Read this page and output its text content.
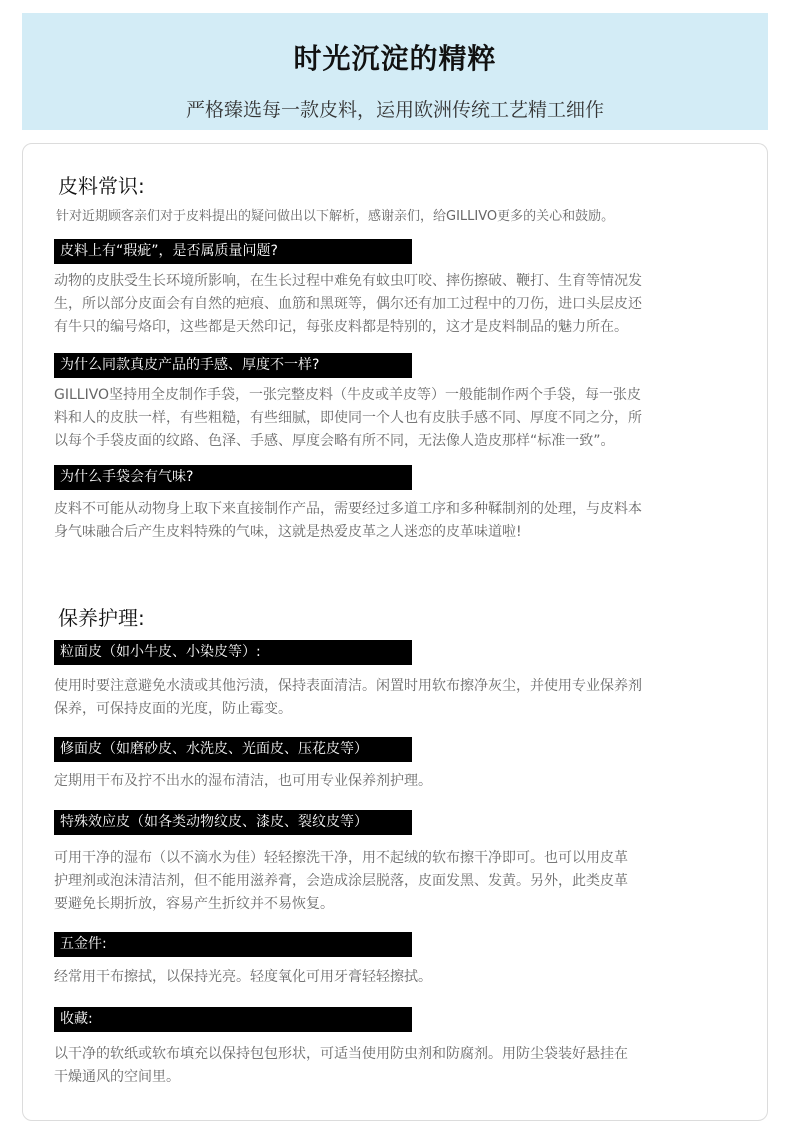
时光沉淀的精粹
严格臻选每一款皮料，运用欧洲传统工艺精工细作
皮料常识:
针对近期顾客亲们对于皮料提出的疑问做出以下解析，感谢亲们，给GILLIVO更多的关心和鼓励。
皮料上有“瑕疵”，是否属质量问题?
动物的皮肤受生长环境所影响，在生长过程中难免有蚊虫叮咬、摔伤擦破、鞭打、生育等情况发
生，所以部分皮面会有自然的疤痕、血筋和黑斑等，偶尔还有加工过程中的刀伤，进口头层皮还
有牛只的编号烙印，这些都是天然印记，每张皮料都是特别的，这才是皮料制品的魅力所在。
为什么同款真皮产品的手感、厚度不一样?
GILLIVO坚持用全皮制作手袋，一张完整皮料（牛皮或羊皮等）一般能制作两个手袋，每一张皮
料和人的皮肤一样，有些粗糙，有些细腻，即使同一个人也有皮肤手感不同、厚度不同之分，所
以每个手袋皮面的纹路、色泽、手感、厚度会略有所不同，无法像人造皮那样“标准一致”。
为什么手袋会有气味?
皮料不可能从动物身上取下来直接制作产品，需要经过多道工序和多种鞣制剂的处理，与皮料本
身气味融合后产生皮料特殊的气味，这就是热爱皮革之人迷恋的皮革味道啦!
保养护理:
粒面皮（如小牛皮、小染皮等）:
使用时要注意避免水渍或其他污渍，保持表面清洁。闲置时用软布擦净灰尘，并使用专业保养剂
保养，可保持皮面的光度，防止霉变。
修面皮（如磨砂皮、水洗皮、光面皮、压花皮等）
定期用干布及拧不出水的湿布清洁，也可用专业保养剂护理。
特殊效应皮（如各类动物纹皮、漆皮、裂纹皮等）
可用干净的湿布（以不滴水为佳）轻轻擦洗干净，用不起绒的软布擦干净即可。也可以用皮革
护理剂或泡沫清洁剂，但不能用滋养膏，会造成涂层脱落，皮面发黑、发黄。另外，此类皮革
要避免长期折放，容易产生折纹并不易恢复。
五金件:
经常用干布擦拭，以保持光亮。轻度氧化可用牙膏轻轻擦拭。
收藏:
以干净的软纸或软布填充以保持包包形状，可适当使用防虫剂和防腐剂。用防尘袋装好悬挂在
干燥通风的空间里。
